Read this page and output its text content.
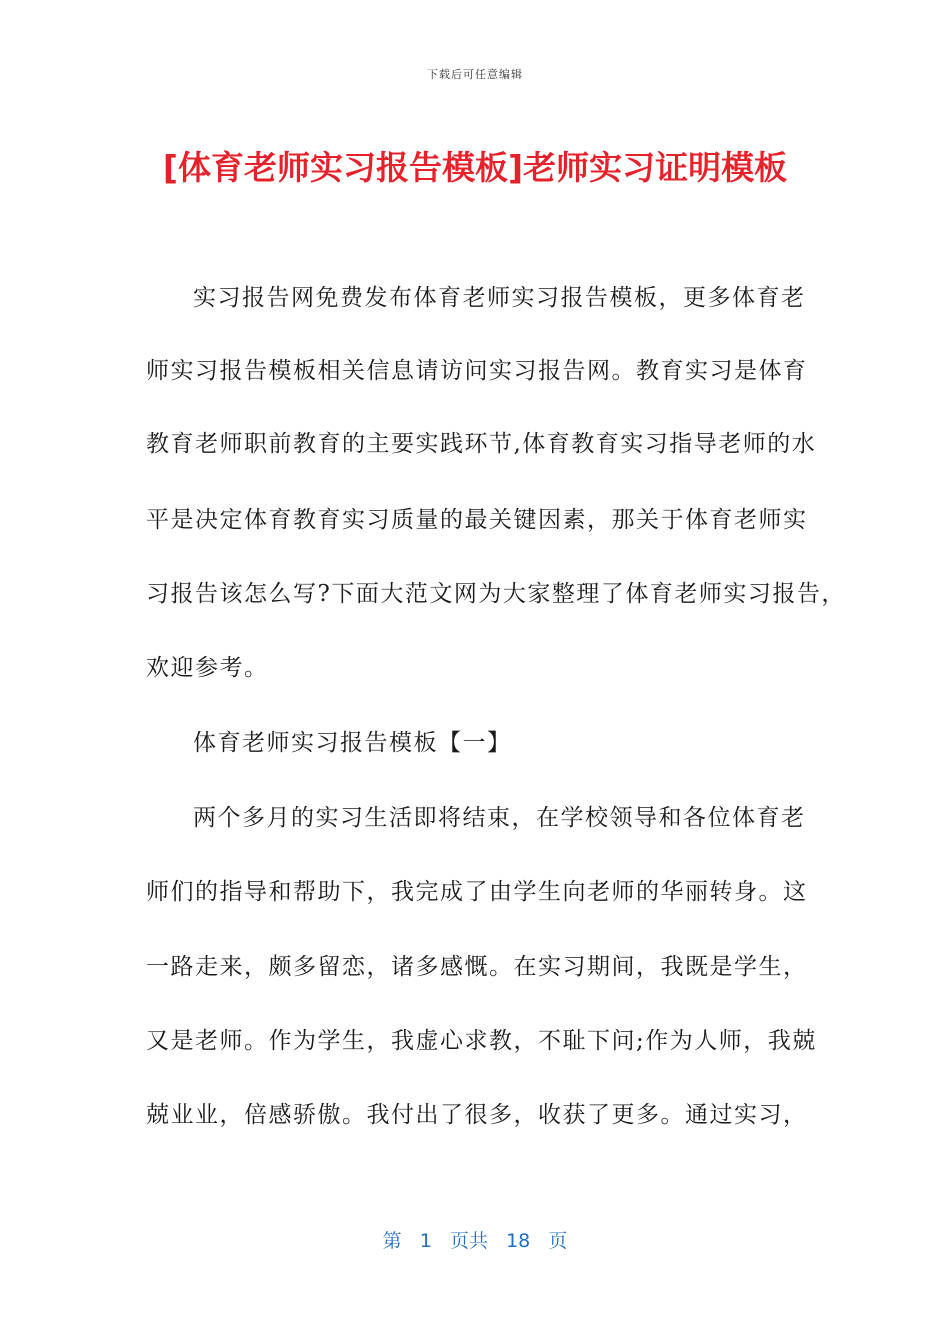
下载后可任意编辑
[体育老师实习报告模板]老师实习证明模板
实习报告网免费发布体育老师实习报告模板，更多体育老
师实习报告模板相关信息请访问实习报告网。教育实习是体育
教育老师职前教育的主要实践环节,体育教育实习指导老师的水
平是决定体育教育实习质量的最关键因素，那关于体育老师实
习报告该怎么写?下面大范文网为大家整理了体育老师实习报告，
欢迎参考。
体育老师实习报告模板【一】
两个多月的实习生活即将结束，在学校领导和各位体育老
师们的指导和帮助下，我完成了由学生向老师的华丽转身。这
一路走来，颇多留恋，诸多感慨。在实习期间，我既是学生，
又是老师。作为学生，我虚心求教，不耻下问;作为人师，我兢
兢业业，倍感骄傲。我付出了很多，收获了更多。通过实习，
第 1 页共 18 页
